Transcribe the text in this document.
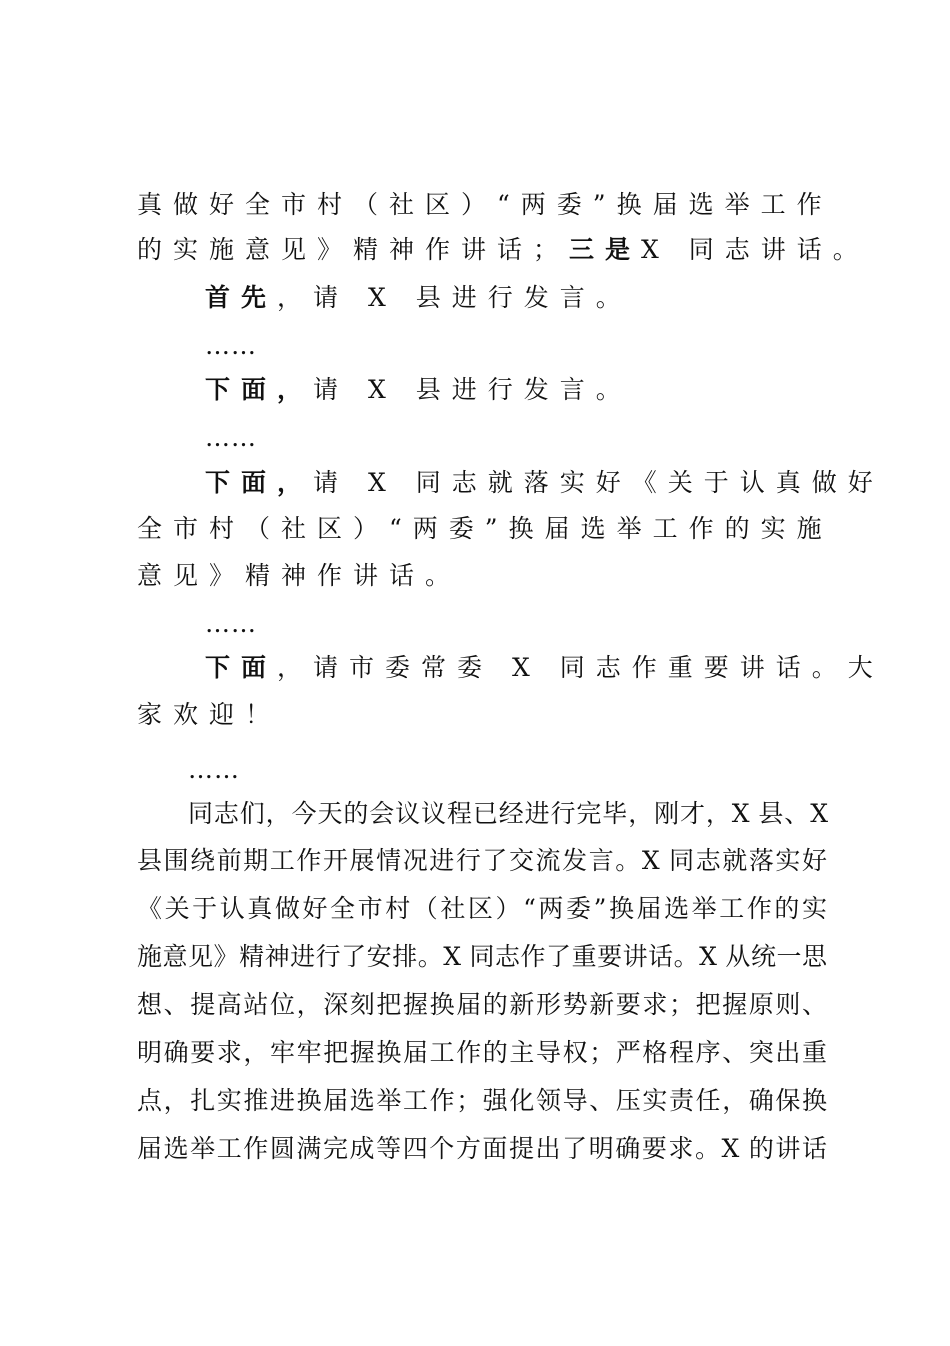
真做好全市村（社区）“两委”换届选举工作
的实施意见》精神作讲话；三是X 同志讲话。
首先，请 X 县进行发言。
……
下面，请 X 县进行发言。
……
下面，请 X 同志就落实好《关于认真做好
全市村（社区）“两委”换届选举工作的实施
意见》精神作讲话。
……
下面，请市委常委 X 同志作重要讲话。大
家欢迎！
……
同志们，今天的会议议程已经进行完毕，刚才，X 县、X
县围绕前期工作开展情况进行了交流发言。X 同志就落实好
《关于认真做好全市村（社区）“两委”换届选举工作的实
施意见》精神进行了安排。X 同志作了重要讲话。X 从统一思
想、提高站位，深刻把握换届的新形势新要求；把握原则、
明确要求，牢牢把握换届工作的主导权；严格程序、突出重
点，扎实推进换届选举工作；强化领导、压实责任，确保换
届选举工作圆满完成等四个方面提出了明确要求。X 的讲话
